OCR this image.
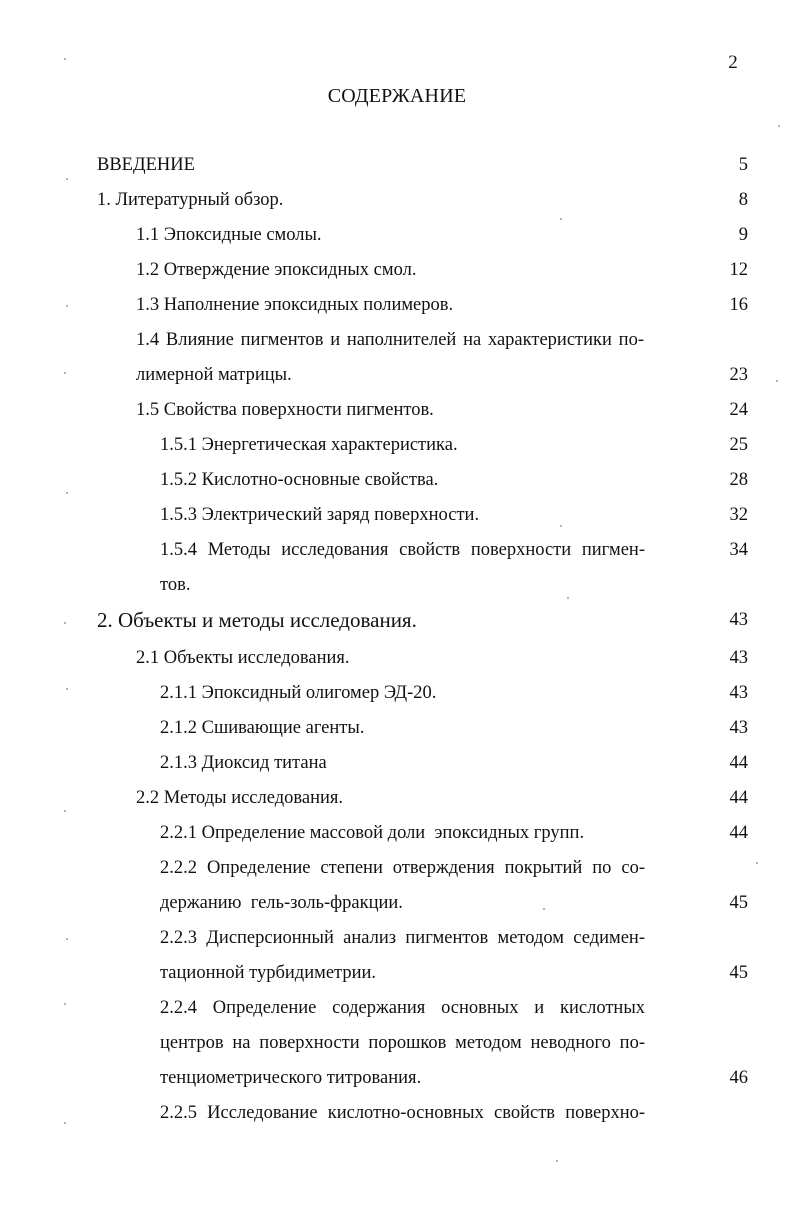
2
СОДЕРЖАНИЕ
ВВЕДЕНИЕ	5
1. Литературный обзор.	8
1.1 Эпоксидные смолы.	9
1.2 Отверждение эпоксидных смол.	12
1.3 Наполнение эпоксидных полимеров.	16
1.4 Влияние пигментов и наполнителей на характеристики по-
лимерной матрицы.	23
1.5 Свойства поверхности пигментов.	24
1.5.1 Энергетическая характеристика.	25
1.5.2 Кислотно-основные свойства.	28
1.5.3 Электрический заряд поверхности.	32
1.5.4 Методы исследования свойств поверхности пигмен-	34
тов.
2. Объекты и методы исследования.	43
2.1 Объекты исследования.	43
2.1.1 Эпоксидный олигомер ЭД-20.	43
2.1.2 Сшивающие агенты.	43
2.1.3 Диоксид титана	44
2.2 Методы исследования.	44
2.2.1 Определение массовой доли  эпоксидных групп.	44
2.2.2 Определение степени отверждения покрытий по со-
держанию  гель-золь-фракции.	45
2.2.3 Дисперсионный анализ пигментов методом седимен-
тационной турбидиметрии.	45
2.2.4 Определение содержания основных и кислотных
центров на поверхности порошков методом неводного по-
тенциометрического титрования.	46
2.2.5 Исследование кислотно-основных свойств поверхно-
